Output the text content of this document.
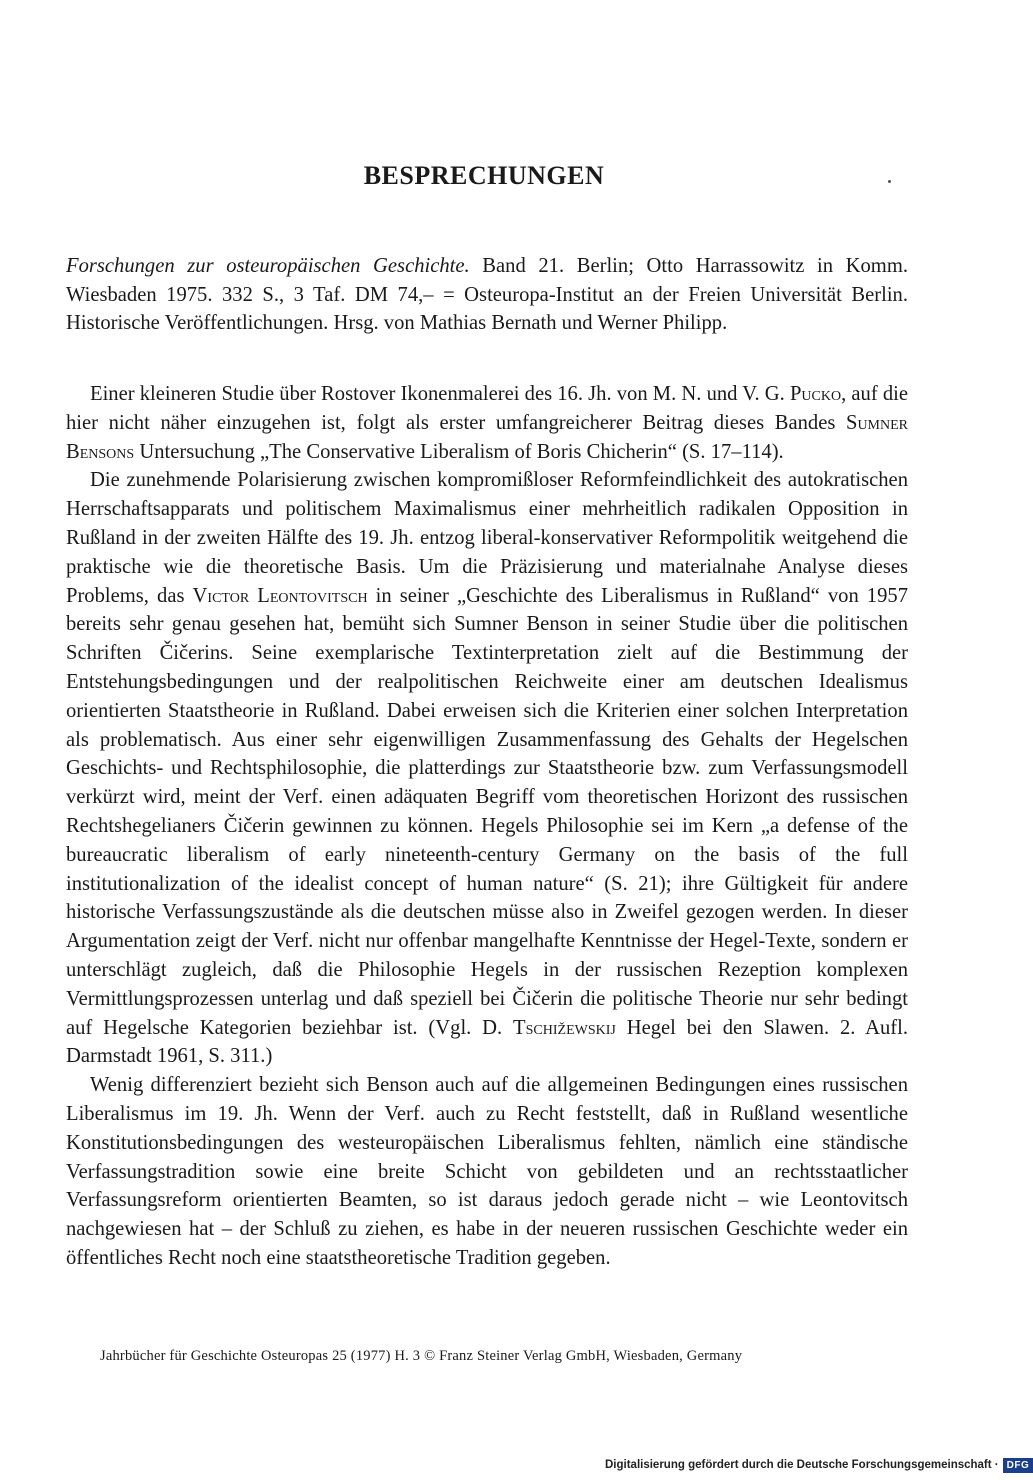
BESPRECHUNGEN
Forschungen zur osteuropäischen Geschichte. Band 21. Berlin; Otto Harrassowitz in Komm. Wiesbaden 1975. 332 S., 3 Taf. DM 74,– = Osteuropa-Institut an der Freien Universität Berlin. Historische Veröffentlichungen. Hrsg. von Mathias Bernath und Werner Philipp.

Einer kleineren Studie über Rostover Ikonenmalerei des 16. Jh. von M. N. und V. G. Pucko, auf die hier nicht näher einzugehen ist, folgt als erster umfangreicherer Beitrag dieses Bandes Sumner Bensons Untersuchung „The Conservative Liberalism of Boris Chicherin“ (S. 17–114).

Die zunehmende Polarisierung zwischen kompromißloser Reformfeindlichkeit des autokratischen Herrschaftsapparats und politischem Maximalismus einer mehrheitlich radikalen Opposition in Rußland in der zweiten Hälfte des 19. Jh. entzog liberal-konservativer Reformpolitik weitgehend die praktische wie die theoretische Basis. Um die Präzisierung und materialnahe Analyse dieses Problems, das Victor Leontovitsch in seiner „Geschichte des Liberalismus in Rußland“ von 1957 bereits sehr genau gesehen hat, bemüht sich Sumner Benson in seiner Studie über die politischen Schriften Čičerins. Seine exemplarische Textinterpretation zielt auf die Bestimmung der Entstehungsbedingungen und der realpolitischen Reichweite einer am deutschen Idealismus orientierten Staatstheorie in Rußland. Dabei erweisen sich die Kriterien einer solchen Interpretation als problematisch. Aus einer sehr eigenwilligen Zusammenfassung des Gehalts der Hegelschen Geschichts- und Rechtsphilosophie, die platterdings zur Staatstheorie bzw. zum Verfassungsmodell verkürzt wird, meint der Verf. einen adäquaten Begriff vom theoretischen Horizont des russischen Rechtshegelianers Čičerin gewinnen zu können. Hegels Philosophie sei im Kern „a defense of the bureaucratic liberalism of early nineteenth-century Germany on the basis of the full institutionalization of the idealist concept of human nature“ (S. 21); ihre Gültigkeit für andere historische Verfassungszustände als die deutschen müsse also in Zweifel gezogen werden. In dieser Argumentation zeigt der Verf. nicht nur offenbar mangelhafte Kenntnisse der Hegel-Texte, sondern er unterschlägt zugleich, daß die Philosophie Hegels in der russischen Rezeption komplexen Vermittlungsprozessen unterlag und daß speziell bei Čičerin die politische Theorie nur sehr bedingt auf Hegelsche Kategorien beziehbar ist. (Vgl. D. Tschižewskij Hegel bei den Slawen. 2. Aufl. Darmstadt 1961, S. 311.)

Wenig differenziert bezieht sich Benson auch auf die allgemeinen Bedingungen eines russischen Liberalismus im 19. Jh. Wenn der Verf. auch zu Recht feststellt, daß in Rußland wesentliche Konstitutionsbedingungen des westeuropäischen Liberalismus fehlten, nämlich eine ständische Verfassungstradition sowie eine breite Schicht von gebildeten und an rechtsstaatlicher Verfassungsreform orientierten Beamten, so ist daraus jedoch gerade nicht – wie Leontovitsch nachgewiesen hat – der Schluß zu ziehen, es habe in der neueren russischen Geschichte weder ein öffentliches Recht noch eine staatstheoretische Tradition gegeben.

Jahrbücher für Geschichte Osteuropas 25 (1977) H. 3 © Franz Steiner Verlag GmbH, Wiesbaden, Germany
Digitalisierung gefördert durch die Deutsche Forschungsgemeinschaft · DFG
